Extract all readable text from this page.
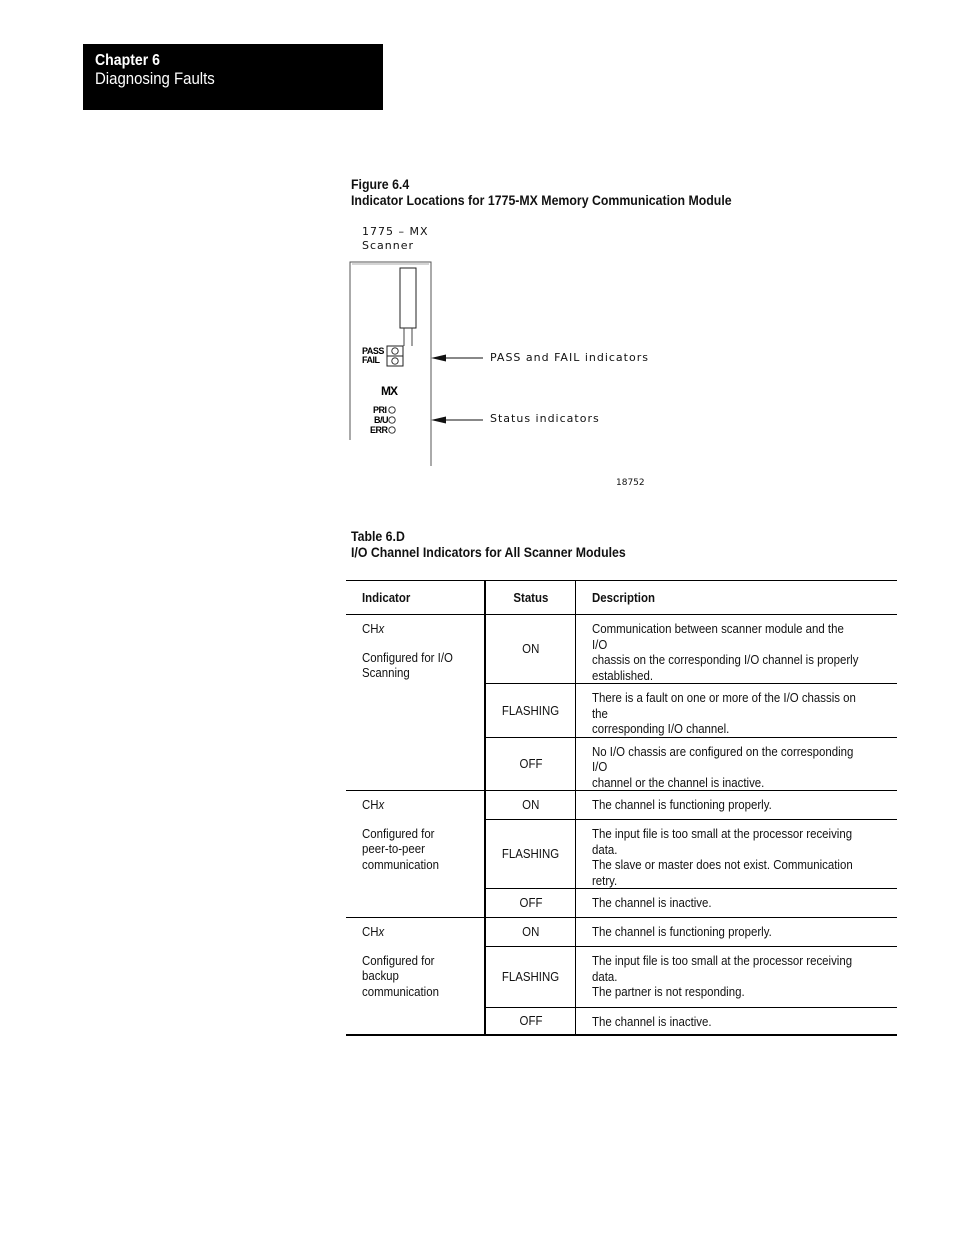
Chapter 6
Diagnosing Faults
Figure 6.4
Indicator Locations for 1775-MX Memory Communication Module
1775 – MX
Scanner
PASS
FAIL
MX
PRI
B/U
ERR
PASS and FAIL indicators
Status indicators
18752
Table 6.D
I/O Channel Indicators for All Scanner Modules
Indicator	Status	Description
CHx
Configured for I/O
Scanning	ON	Communication between scanner module and the I/O
chassis on the corresponding I/O channel is properly
established.
	FLASHING	There is a fault on one or more of the I/O chassis on the
corresponding I/O channel.
	OFF	No I/O chassis are configured on the corresponding I/O
channel or the channel is inactive.
CHx
Configured for
peer-to-peer
communication	ON	The channel is functioning properly.
	FLASHING	The input file is too small at the processor receiving data.
The slave or master does not exist. Communication retry.
	OFF	The channel is inactive.
CHx
Configured for
backup
communication	ON	The channel is functioning properly.
	FLASHING	The input file is too small at the processor receiving data.
The partner is not responding.
	OFF	The channel is inactive.
